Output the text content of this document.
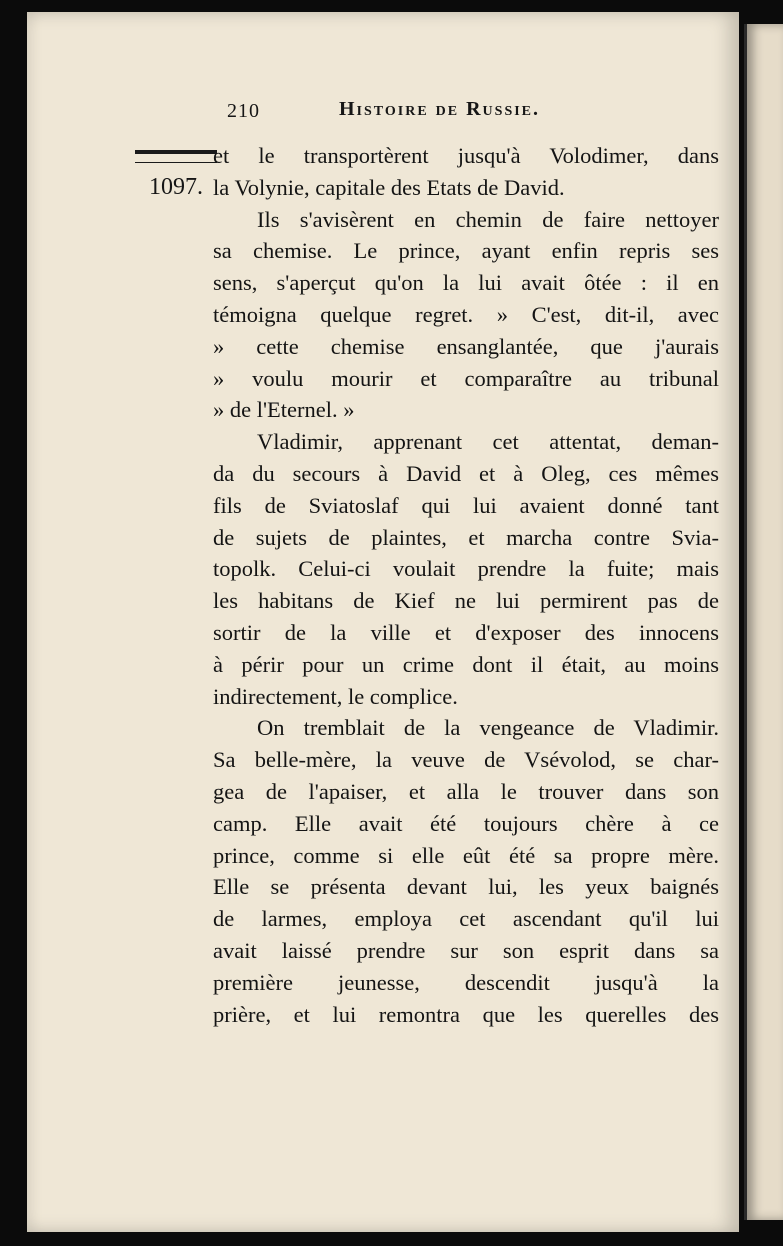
210	Histoire de Russie.
1097.
et le transportèrent jusqu'à Volodimer, dans
la Volynie, capitale des Etats de David.
Ils s'avisèrent en chemin de faire nettoyer
sa chemise. Le prince, ayant enfin repris ses
sens, s'aperçut qu'on la lui avait ôtée : il en
témoigna quelque regret. » C'est, dit-il, avec
» cette chemise ensanglantée, que j'aurais
» voulu mourir et comparaître au tribunal
» de l'Eternel. »
Vladimir, apprenant cet attentat, deman-
da du secours à David et à Oleg, ces mêmes
fils de Sviatoslaf qui lui avaient donné tant
de sujets de plaintes, et marcha contre Svia-
topolk. Celui-ci voulait prendre la fuite; mais
les habitans de Kief ne lui permirent pas de
sortir de la ville et d'exposer des innocens
à périr pour un crime dont il était, au moins
indirectement, le complice.
On tremblait de la vengeance de Vladimir.
Sa belle-mère, la veuve de Vsévolod, se char-
gea de l'apaiser, et alla le trouver dans son
camp. Elle avait été toujours chère à ce
prince, comme si elle eût été sa propre mère.
Elle se présenta devant lui, les yeux baignés
de larmes, employa cet ascendant qu'il lui
avait laissé prendre sur son esprit dans sa
première jeunesse, descendit jusqu'à la
prière, et lui remontra que les querelles des
